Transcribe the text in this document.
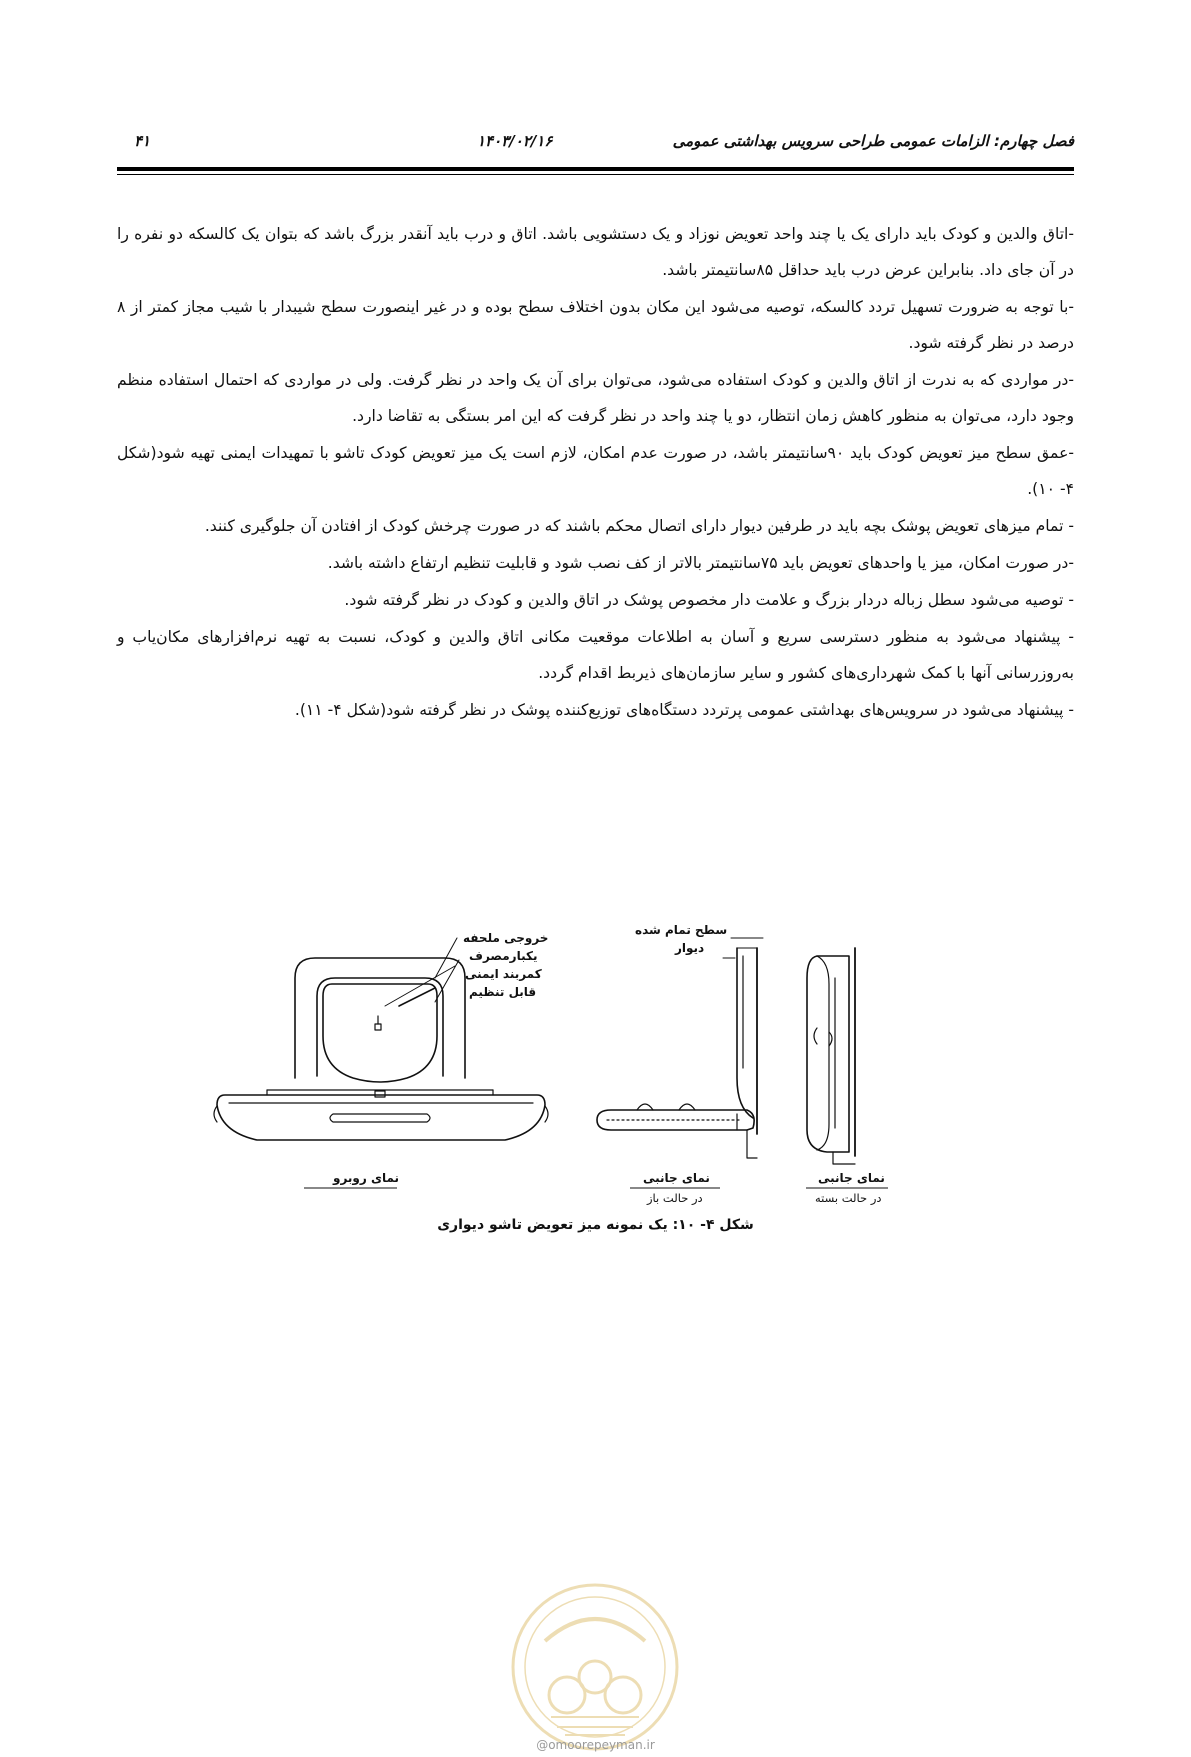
فصل چهارم: الزامات عمومی طراحی سرویس بهداشتی عمومی
۱۴۰۳/۰۲/۱۶
۴۱

-اتاق والدین و کودک باید دارای یک یا چند واحد تعویض نوزاد و یک دستشویی باشد. اتاق و درب باید آنقدر بزرگ باشد که بتوان یک کالسکه دو نفره را در آن جای داد. بنابراین عرض درب باید حداقل ۸۵سانتیمتر باشد.

-با توجه به ضرورت تسهیل تردد کالسکه، توصیه می‌شود این مکان بدون اختلاف سطح بوده و در غیر اینصورت سطح شیبدار با شیب مجاز کمتر از ۸ درصد در نظر گرفته شود.

-در مواردی که به ندرت از اتاق والدین و کودک استفاده می‌شود، می‌توان برای آن یک واحد در نظر گرفت. ولی در مواردی که احتمال استفاده منظم وجود دارد، می‌توان به منظور کاهش زمان انتظار، دو یا چند واحد در نظر گرفت که این امر بستگی به تقاضا دارد.

-عمق سطح میز تعویض کودک باید ۹۰سانتیمتر باشد، در صورت عدم امکان، لازم است یک میز تعویض کودک تاشو با تمهیدات ایمنی تهیه شود(شکل ۴- ۱۰).

- تمام میزهای تعویض پوشک بچه باید در طرفین دیوار دارای اتصال محکم باشند که در صورت چرخش کودک از افتادن آن جلوگیری کنند.

-در صورت امکان، میز یا واحدهای تعویض باید ۷۵سانتیمتر بالاتر از کف نصب شود و قابلیت تنظیم ارتفاع داشته باشد.

- توصیه می‌شود سطل زباله دردار بزرگ و علامت دار مخصوص پوشک در اتاق والدین و کودک در نظر گرفته شود.

- پیشنهاد می‌شود به منظور دسترسی سریع و آسان به اطلاعات موقعیت مکانی اتاق والدین و کودک، نسبت به تهیه نرم‌افزارهای مکان‌یاب و به‌روزرسانی آنها با کمک شهرداری‌های کشور و سایر سازمان‌های ذیربط اقدام گردد.

- پیشنهاد می‌شود در سرویس‌های بهداشتی عمومی پرتردد دستگاه‌های توزیع‌کننده پوشک در نظر گرفته شود(شکل ۴- ۱۱).

خروجی ملحفه
یکبارمصرف
کمربند ایمنی
قابل تنظیم
سطح تمام شده
دیوار
نمای روبرو	نمای جانبی
در حالت باز
نمای جانبی
در حالت بسته
شکل ۴- ۱۰: یک نمونه میز تعویض تاشو دیواری
@omoorepeyman.ir
